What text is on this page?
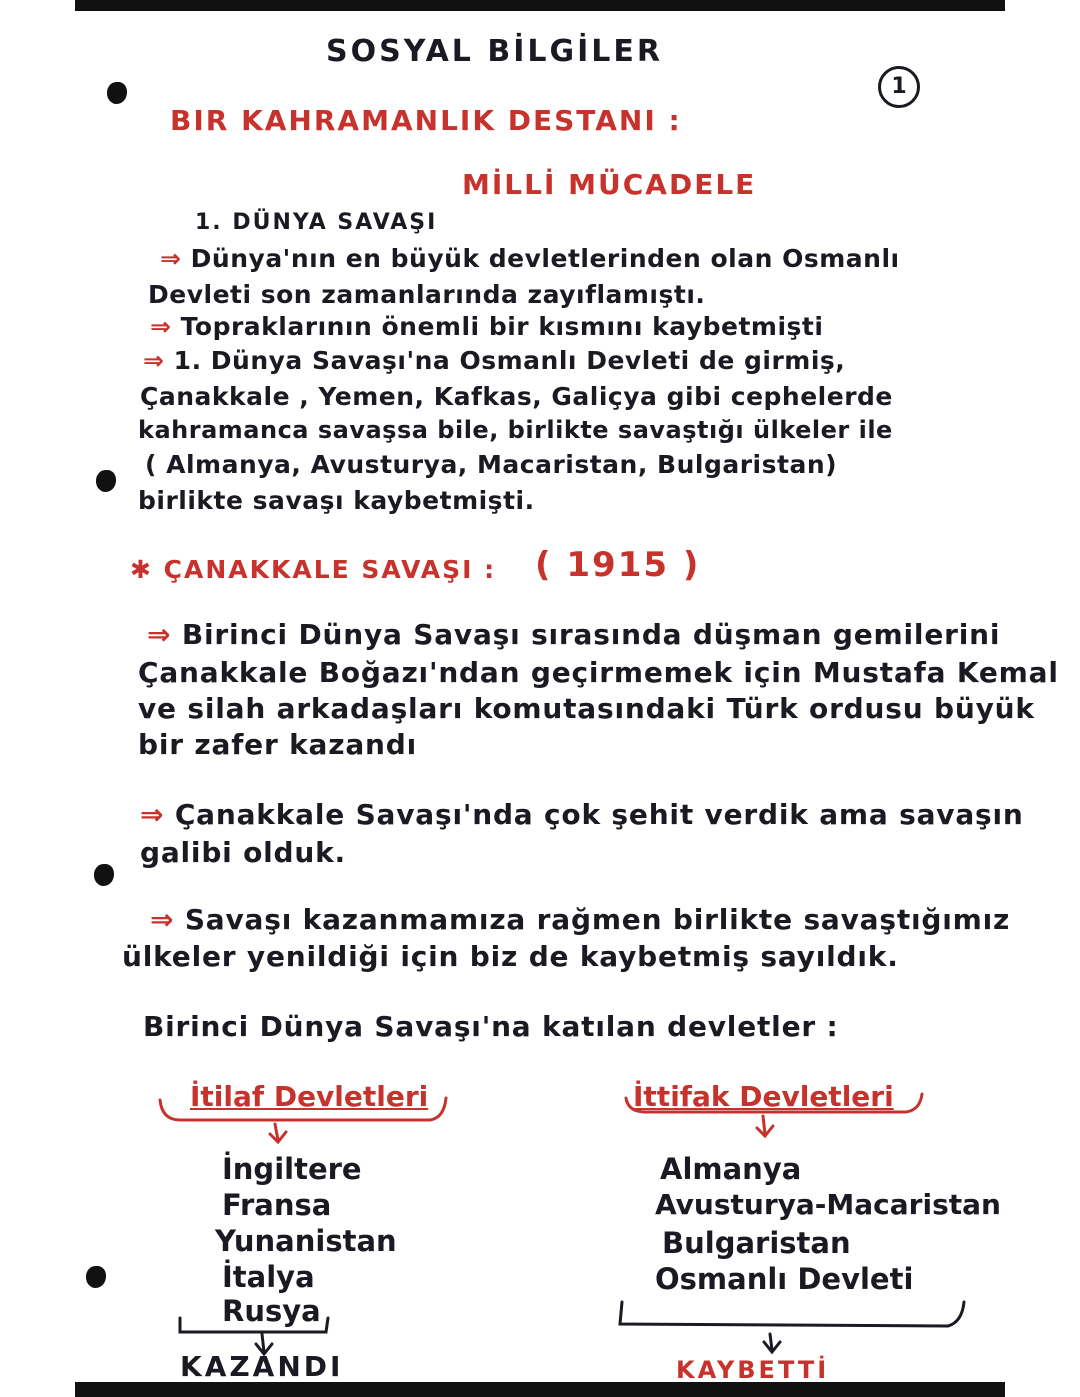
SOSYAL BİLGİLER
1
BIR KAHRAMANLIK DESTANI :
MİLLİ MÜCADELE
1. DÜNYA SAVAŞI
⇒ Dünya'nın en büyük devletlerinden olan Osmanlı
Devleti son zamanlarında zayıflamıştı.
⇒ Topraklarının önemli bir kısmını kaybetmişti
⇒ 1. Dünya Savaşı'na Osmanlı Devleti de girmiş,
Çanakkale , Yemen, Kafkas, Galiçya gibi cephelerde
kahramanca savaşsa bile, birlikte savaştığı ülkeler ile
( Almanya, Avusturya, Macaristan, Bulgaristan)
birlikte savaşı kaybetmişti.
✱ ÇANAKKALE SAVAŞI : ( 1915 )
⇒ Birinci Dünya Savaşı sırasında düşman gemilerini
Çanakkale Boğazı'ndan geçirmemek için Mustafa Kemal
ve silah arkadaşları komutasındaki Türk ordusu büyük
bir zafer kazandı
⇒ Çanakkale Savaşı'nda çok şehit verdik ama savaşın
galibi olduk.
⇒ Savaşı kazanmamıza rağmen birlikte savaştığımız
ülkeler yenildiği için biz de kaybetmiş sayıldık.
Birinci Dünya Savaşı'na katılan devletler :
İtilaf Devletleri	İttifak Devletleri
İngiltere
Fransa
Yunanistan
İtalya
Rusya
Almanya
Avusturya-Macaristan
Bulgaristan
Osmanlı Devleti
KAZANDI	KAYBETTİ
